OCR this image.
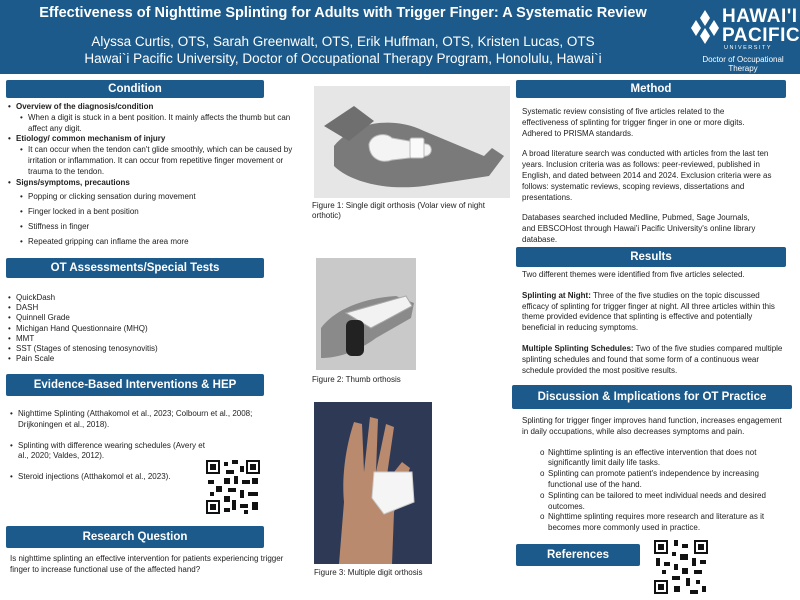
Effectiveness of Nighttime Splinting for Adults with Trigger Finger: A Systematic Review
Alyssa Curtis, OTS, Sarah Greenwalt, OTS, Erik Huffman, OTS, Kristen Lucas, OTS
Hawai`i Pacific University, Doctor of Occupational Therapy Program, Honolulu, Hawai`i
HAWAI'I
PACIFIC
UNIVERSITY
Doctor of Occupational Therapy
Condition
• Overview of the diagnosis/condition
• When a digit is stuck in a bent position. It mainly affects the thumb but can affect any digit.
• Etiology/ common mechanism of injury
• It can occur when the tendon can't glide smoothly, which can be caused by irritation or inflammation. It can occur from repetitive finger movement or trauma to the tendon.
• Signs/symptoms, precautions
• Popping or clicking sensation during movement
• Finger locked in a bent position
• Stiffness in finger
• Repeated gripping can inflame the area more
OT Assessments/Special Tests
• QuickDash
• DASH
• Quinnell Grade
• Michigan Hand Questionnaire (MHQ)
• MMT
• SST (Stages of stenosing tenosynovitis)
• Pain Scale
Evidence-Based Interventions & HEP
• Nighttime Splinting (Atthakomol et al., 2023; Colbourn et al., 2008; Drijkoningen et al., 2018).
• Splinting with difference wearing schedules (Avery et al., 2020; Valdes, 2012).
• Steroid injections (Atthakomol et al., 2023).
Research Question
Is nighttime splinting an effective intervention for patients experiencing trigger finger to increase functional use of the affected hand?
Figure 1: Single digit orthosis (Volar view of night orthotic)
Figure 2: Thumb orthosis
Figure 3: Multiple digit orthosis
Method

Systematic review consisting of five articles related to the effectiveness of splinting for trigger finger in one or more digits. Adhered to PRISMA standards.

A broad literature search was conducted with articles from the last ten years. Inclusion criteria was as follows: peer-reviewed, published in English, and dated between 2014 and 2024. Exclusion criteria were as follows: systematic reviews, scoping reviews, dissertations and presentations.

Databases searched included Medline, Pubmed, Sage Journals, and EBSCOHost through Hawai'i Pacific University's online library database.

Results

Two different themes were identified from five articles selected.

Splinting at Night: Three of the five studies on the topic discussed efficacy of splinting for trigger finger at night. All three articles within this theme provided evidence that splinting is effective and potentially beneficial in reducing symptoms.

Multiple Splinting Schedules: Two of the five studies compared multiple splinting schedules and found that some form of a continuous wear schedule provided the most positive results.

Discussion & Implications for OT Practice

Splinting for trigger finger improves hand function, increases engagement in daily occupations, while also decreases symptoms and pain.

o Nighttime splinting is an effective intervention that does not significantly limit daily life tasks.
o Splinting can promote patient's independence by increasing functional use of the hand.
o Splinting can be tailored to meet individual needs and desired outcomes.
o Nighttime splinting requires more research and literature as it becomes more commonly used in practice.
References
